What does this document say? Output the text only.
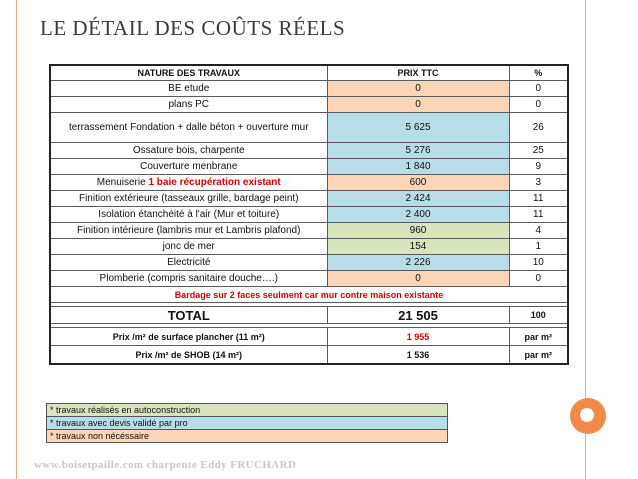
LE DÉTAIL DES COÛTS RÉELS
NATURE DES TRAVAUX	PRIX TTC	%
BE etude	0	0
plans PC	0	0
terrassement Fondation + dalle béton + ouverture mur	5 625	26
Ossature bois, charpente	5 276	25
Couverture menbrane	1 840	9
Menuiserie 1 baie récupération existant	600	3
Finition extérieure (tasseaux grille, bardage peint)	2 424	11
Isolation étanchéité à l'air (Mur et toiture)	2 400	11
Finition intérieure (lambris mur et Lambris plafond)	960	4
jonc de mer	154	1
Electricité	2 226	10
Plomberie (compris sanitaire douche….)	0	0
Bardage sur 2 faces seulment car mur contre maison existante		

TOTAL	21 505	100

Prix /m² de surface plancher (11 m²)	1 955	par m²
Prix /m² de SHOB (14 m²)	1 536	par m²
* travaux réalisés en autoconstruction
* travaux avec devis validé par pro
* travaux non nécéssaire
www.boisetpaille.com charpente Eddy FRUCHARD
